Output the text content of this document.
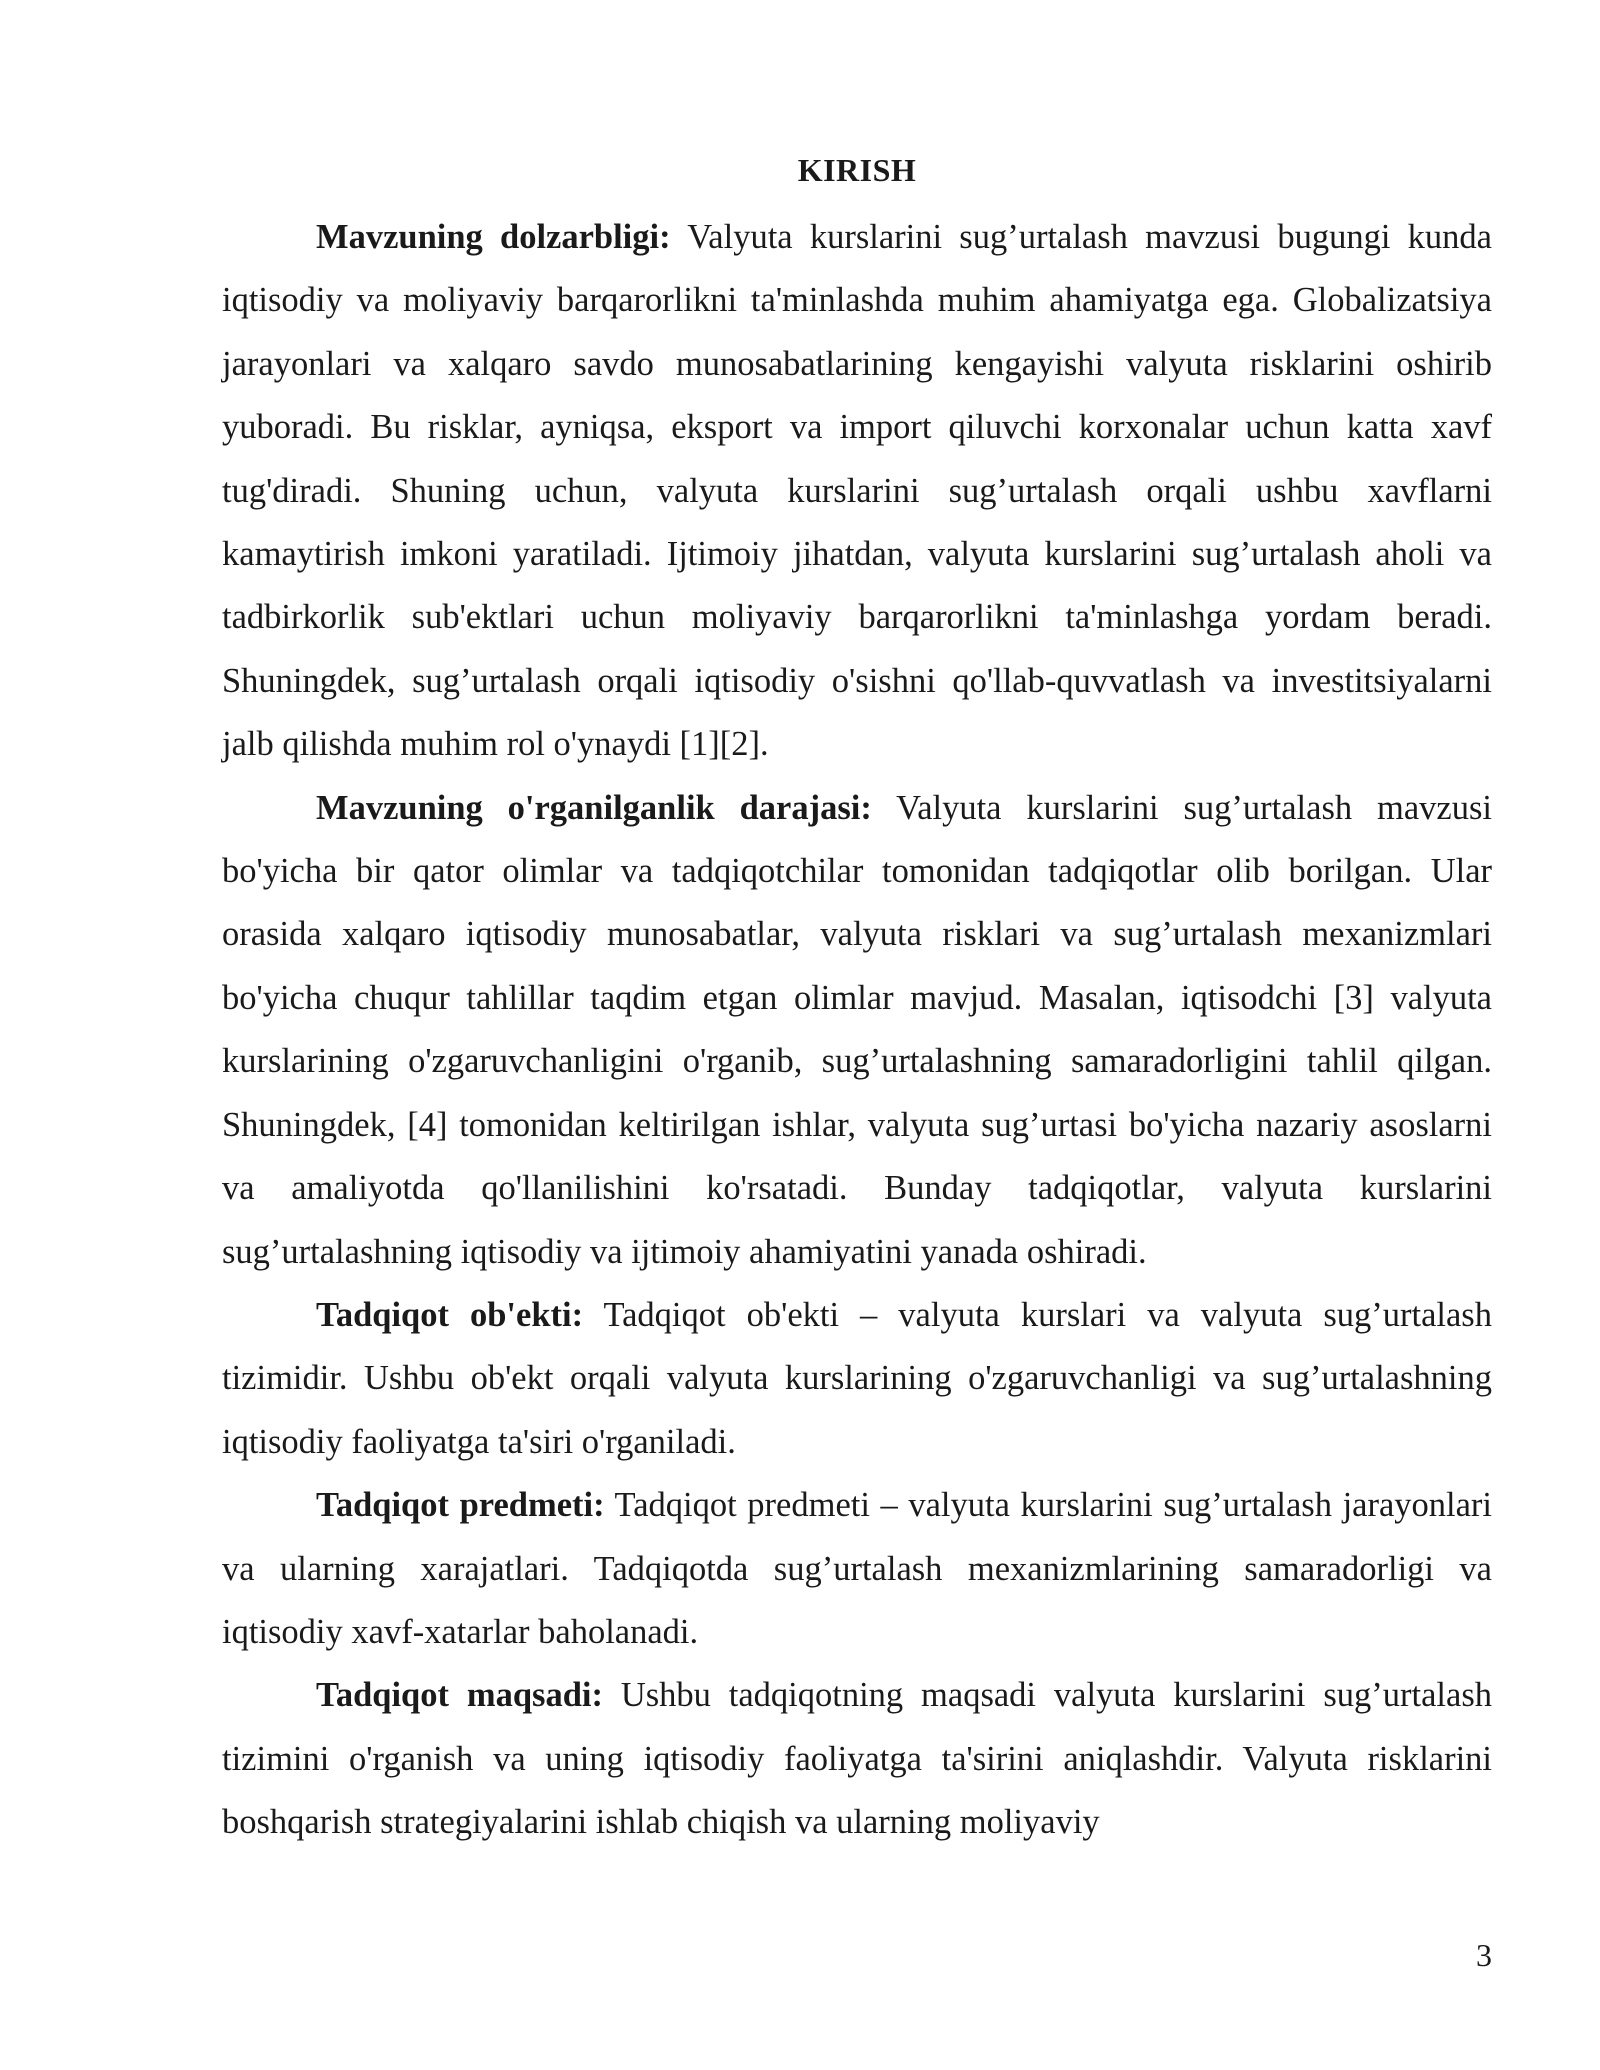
KIRISH

Mavzuning dolzarbligi: Valyuta kurslarini sug’urtalash mavzusi bugungi kunda iqtisodiy va moliyaviy barqarorlikni ta'minlashda muhim ahamiyatga ega. Globalizatsiya jarayonlari va xalqaro savdo munosabatlarining kengayishi valyuta risklarini oshirib yuboradi. Bu risklar, ayniqsa, eksport va import qiluvchi korxonalar uchun katta xavf tug'diradi. Shuning uchun, valyuta kurslarini sug’urtalash orqali ushbu xavflarni kamaytirish imkoni yaratiladi. Ijtimoiy jihatdan, valyuta kurslarini sug’urtalash aholi va tadbirkorlik sub'ektlari uchun moliyaviy barqarorlikni ta'minlashga yordam beradi. Shuningdek, sug’urtalash orqali iqtisodiy o'sishni qo'llab-quvvatlash va investitsiyalarni jalb qilishda muhim rol o'ynaydi [1][2].

Mavzuning o'rganilganlik darajasi: Valyuta kurslarini sug’urtalash mavzusi bo'yicha bir qator olimlar va tadqiqotchilar tomonidan tadqiqotlar olib borilgan. Ular orasida xalqaro iqtisodiy munosabatlar, valyuta risklari va sug’urtalash mexanizmlari bo'yicha chuqur tahlillar taqdim etgan olimlar mavjud. Masalan, iqtisodchi [3] valyuta kurslarining o'zgaruvchanligini o'rganib, sug’urtalashning samaradorligini tahlil qilgan. Shuningdek, [4] tomonidan keltirilgan ishlar, valyuta sug’urtasi bo'yicha nazariy asoslarni va amaliyotda qo'llanilishini ko'rsatadi. Bunday tadqiqotlar, valyuta kurslarini sug’urtalashning iqtisodiy va ijtimoiy ahamiyatini yanada oshiradi.

Tadqiqot ob'ekti: Tadqiqot ob'ekti – valyuta kurslari va valyuta sug’urtalash tizimidir. Ushbu ob'ekt orqali valyuta kurslarining o'zgaruvchanligi va sug’urtalashning iqtisodiy faoliyatga ta'siri o'rganiladi.

Tadqiqot predmeti: Tadqiqot predmeti – valyuta kurslarini sug’urtalash jarayonlari va ularning xarajatlari. Tadqiqotda sug’urtalash mexanizmlarining samaradorligi va iqtisodiy xavf-xatarlar baholanadi.

Tadqiqot maqsadi: Ushbu tadqiqotning maqsadi valyuta kurslarini sug’urtalash tizimini o'rganish va uning iqtisodiy faoliyatga ta'sirini aniqlashdir. Valyuta risklarini boshqarish strategiyalarini ishlab chiqish va ularning moliyaviy

3
